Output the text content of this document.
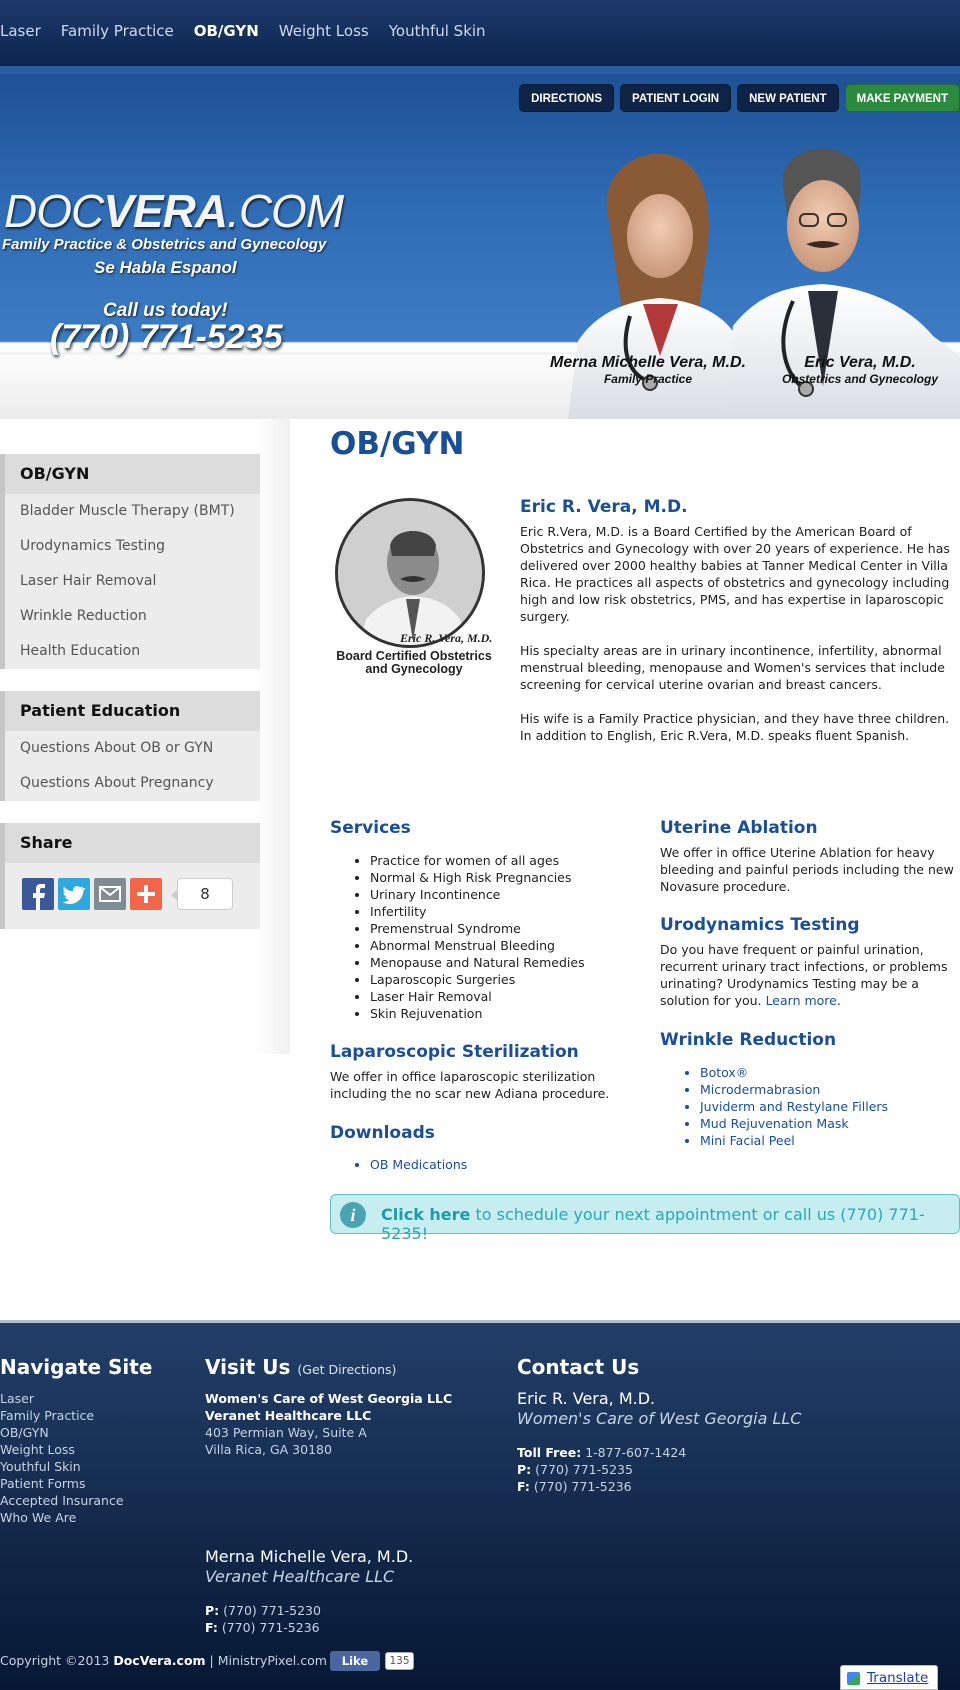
Laser Family Practice OB/GYN Weight Loss Youthful Skin
DIRECTIONS	PATIENT LOGIN	NEW PATIENT	MAKE PAYMENT
DOCVERA.COM
Family Practice & Obstetrics and Gynecology
Se Habla Espanol
Call us today!
(770) 771-5235
Merna Michelle Vera, M.D.
Family Practice
Eric Vera, M.D.
Obstetrics and Gynecology
OB/GYN
Bladder Muscle Therapy (BMT)
Urodynamics Testing
Laser Hair Removal
Wrinkle Reduction
Health Education
Patient Education
Questions About OB or GYN
Questions About Pregnancy
Share
8
OB/GYN
Eric R. Vera, M.D.
Board Certified Obstetrics and Gynecology
Eric R. Vera, M.D.

Eric R.Vera, M.D. is a Board Certified by the American Board of Obstetrics and Gynecology with over 20 years of experience. He has delivered over 2000 healthy babies at Tanner Medical Center in Villa Rica. He practices all aspects of obstetrics and gynecology including high and low risk obstetrics, PMS, and has expertise in laparoscopic surgery.

His specialty areas are in urinary incontinence, infertility, abnormal menstrual bleeding, menopause and Women's services that include screening for cervical uterine ovarian and breast cancers.

His wife is a Family Practice physician, and they have three children. In addition to English, Eric R.Vera, M.D. speaks fluent Spanish.

Services
• Practice for women of all ages
• Normal & High Risk Pregnancies
• Urinary Incontinence
• Infertility
• Premenstrual Syndrome
• Abnormal Menstrual Bleeding
• Menopause and Natural Remedies
• Laparoscopic Surgeries
• Laser Hair Removal
• Skin Rejuvenation
Laparoscopic Sterilization
We offer in office laparoscopic sterilization including the no scar new Adiana procedure.
Downloads
• OB Medications
Uterine Ablation
We offer in office Uterine Ablation for heavy bleeding and painful periods including the new Novasure procedure.
Urodynamics Testing
Do you have frequent or painful urination, recurrent urinary tract infections, or problems urinating? Urodynamics Testing may be a solution for you. Learn more.
Wrinkle Reduction
• Botox®
• Microdermabrasion
• Juviderm and Restylane Fillers
• Mud Rejuvenation Mask
• Mini Facial Peel
i	Click here to schedule your next appointment or call us (770) 771-5235!
Navigate Site
Laser
Family Practice
OB/GYN
Weight Loss
Youthful Skin
Patient Forms
Accepted Insurance
Who We Are
Visit Us (Get Directions)
Women's Care of West Georgia LLC
Veranet Healthcare LLC
403 Permian Way, Suite A
Villa Rica, GA 30180
Merna Michelle Vera, M.D.
Veranet Healthcare LLC
P: (770) 771-5230
F: (770) 771-5236
Contact Us
Eric R. Vera, M.D.
Women's Care of West Georgia LLC
Toll Free: 1-877-607-1424
P: (770) 771-5235
F: (770) 771-5236
Copyright ©2013 DocVera.com | MinistryPixel.com	Like	135
Translate
